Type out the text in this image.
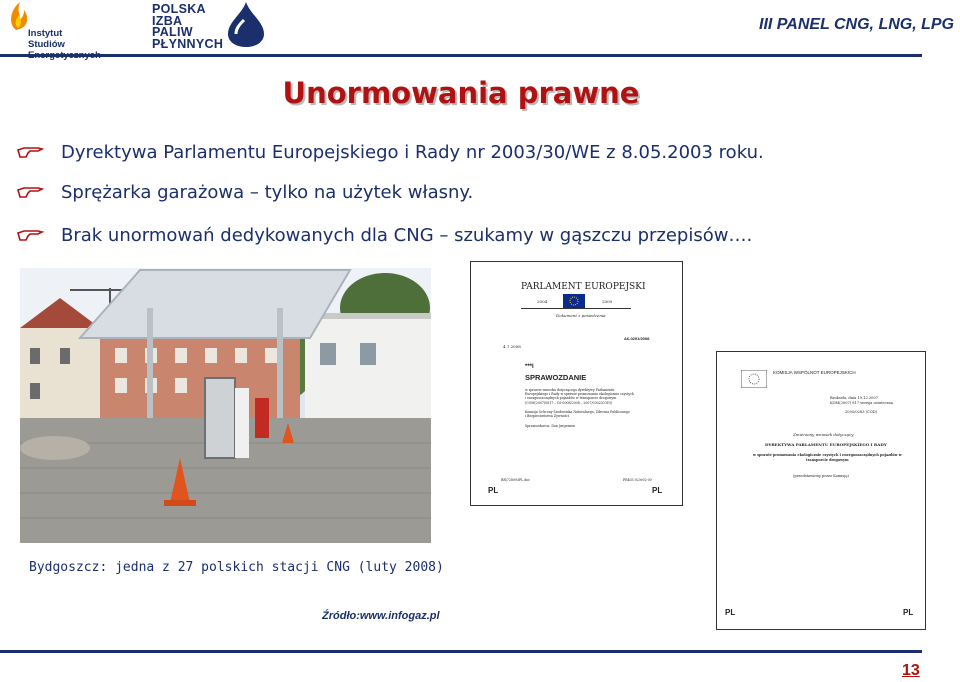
Instytut
Studiów
POLSKA
IZBA
PALIW
PŁYNNYCH
III PANEL CNG, LNG, LPG
Unormowania prawne
Dyrektywa Parlamentu Europejskiego i Rady nr 2003/30/WE z 8.05.2003 roku.
Sprężarka garażowa – tylko na użytek własny.
Brak unormowań dedykowanych dla CNG – szukamy w gąszczu przepisów….
PARLAMENT EUROPEJSKI
2004	2009
Dokument z posiedzenia
A6-0291/2008
4.7.2008
***I
SPRAWOZDANIE
w sprawie wniosku dotyczącego dyrektywy Parlamentu
Europejskiego i Rady w sprawie promowania ekologicznie czystych
i energooszczędnych pojazdów w transporcie drogowym
(COM(2007)0817 – C6-0008/2008 – 2007/0302(COD))
Komisja Ochrony Środowiska Naturalnego, Zdrowia Publicznego
i Bezpieczeństwa Żywności
Sprawozdawca: Dan Jørgensen
RR\728093PL.doc	PE405.923v02-00
PL	PL
KOMISJA WSPÓLNOT EUROPEJSKICH
Bruksela, dnia 19.12.2007
KOM(2007) 817 wersja ostateczna
2005/0283 (COD)
Zmieniony wniosek dotyczący
DYREKTYWA PARLAMENTU EUROPEJSKIEGO I RADY
w sprawie promowania ekologicznie czystych i energooszczędnych pojazdów w
transporcie drogowym
(przedstawiony przez Komisję)
PL	PL
Bydgoszcz: jedna z 27 polskich stacji CNG (luty 2008)
Źródło:www.infogaz.pl
13
